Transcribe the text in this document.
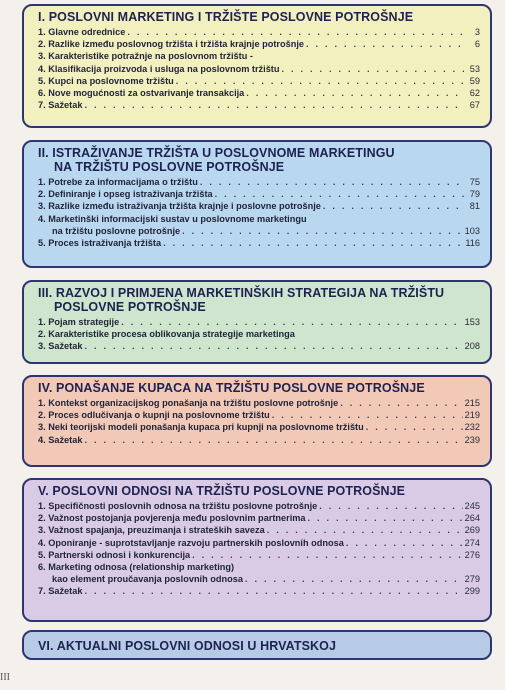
I. POSLOVNI MARKETING I TRŽIŠTE POSLOVNE POTROŠNJE
1. Glavne odrednice . . .	3
2. Razlike između poslovnog tržišta i tržišta krajnje potrošnje . . .	6
3. Karakteristike potražnje na poslovnom tržištu -
4. Klasifikacija proizvoda i usluga na poslovnom tržištu . . .	53
5. Kupci na poslovnome tržištu . . .	59
6. Nove mogućnosti za ostvarivanje transakcija . . .	62
7. Sažetak . . .	67
II. ISTRAŽIVANJE TRŽIŠTA U POSLOVNOME MARKETINGU
NA TRŽIŠTU POSLOVNE POTROŠNJE
1. Potrebe za informacijama o tržištu . . .	75
2. Definiranje i opseg istraživanja tržišta . . .	79
3. Razlike između istraživanja tržišta krajnje i poslovne potrošnje . . .	81
4. Marketinški informacijski sustav u poslovnome marketingu
na tržištu poslovne potrošnje . . .	103
5. Proces istraživanja tržišta . . .	116
III. RAZVOJ I PRIMJENA MARKETINŠKIH STRATEGIJA NA TRŽIŠTU
POSLOVNE POTROŠNJE
1. Pojam strategije . . .	153
2. Karakteristike procesa oblikovanja strategije marketinga
3. Sažetak . . .	208
IV. PONAŠANJE KUPACA NA TRŽIŠTU POSLOVNE POTROŠNJE
1. Kontekst organizacijskog ponašanja na tržištu poslovne potrošnje . . .	215
2. Proces odlučivanja o kupnji na poslovnome tržištu . . .	219
3. Neki teorijski modeli ponašanja kupaca pri kupnji na poslovnome tržištu . . .	232
4. Sažetak . . .	239
V. POSLOVNI ODNOSI NA TRŽIŠTU POSLOVNE POTROŠNJE
1. Specifičnosti poslovnih odnosa na tržištu poslovne potrošnje . . .	245
2. Važnost postojanja povjerenja među poslovnim partnerima . . .	264
3. Važnost spajanja, preuzimanja i strateških saveza . . .	269
4. Oponiranje - suprotstavljanje razvoju partnerskih poslovnih odnosa . . .	274
5. Partnerski odnosi i konkurencija . . .	276
6. Marketing odnosa (relationship marketing)
kao element proučavanja poslovnih odnosa . . .	279
7. Sažetak . . .	299
VI. AKTUALNI POSLOVNI ODNOSI U HRVATSKOJ
III
